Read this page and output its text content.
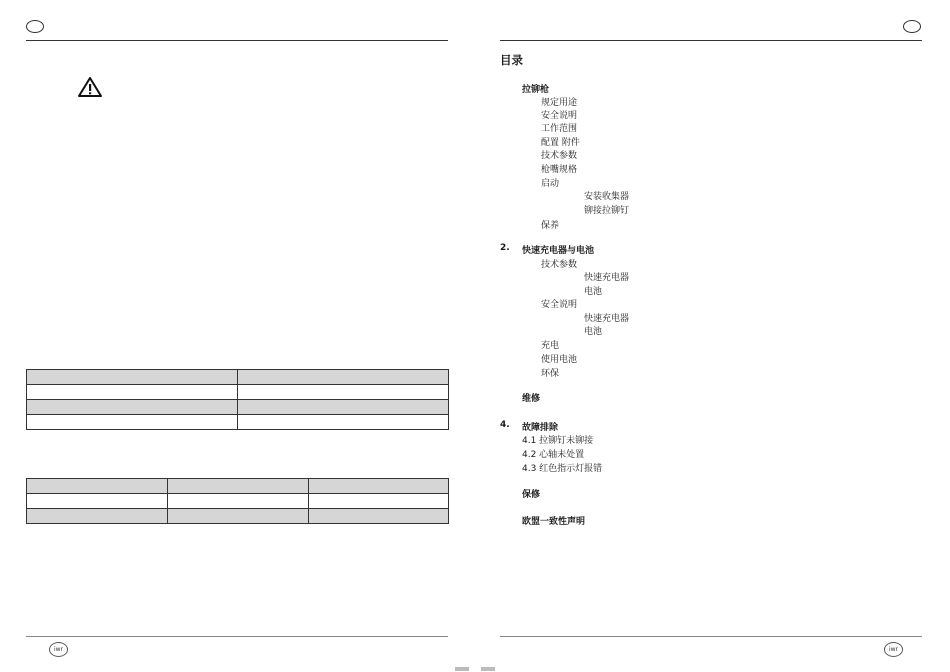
iwr
目录
拉铆枪
规定用途
安全说明
工作范围
配置 附件
技术参数
枪嘴规格
启动
安装收集器
铆接拉铆钉
保养
2. 快速充电器与电池
技术参数
快速充电器
电池
安全说明
快速充电器
电池
充电
使用电池
环保
维修
4. 故障排除
4.1 拉铆钉未铆接
4.2 心轴未处置
4.3 红色指示灯报错
保修
欧盟一致性声明
iwr
